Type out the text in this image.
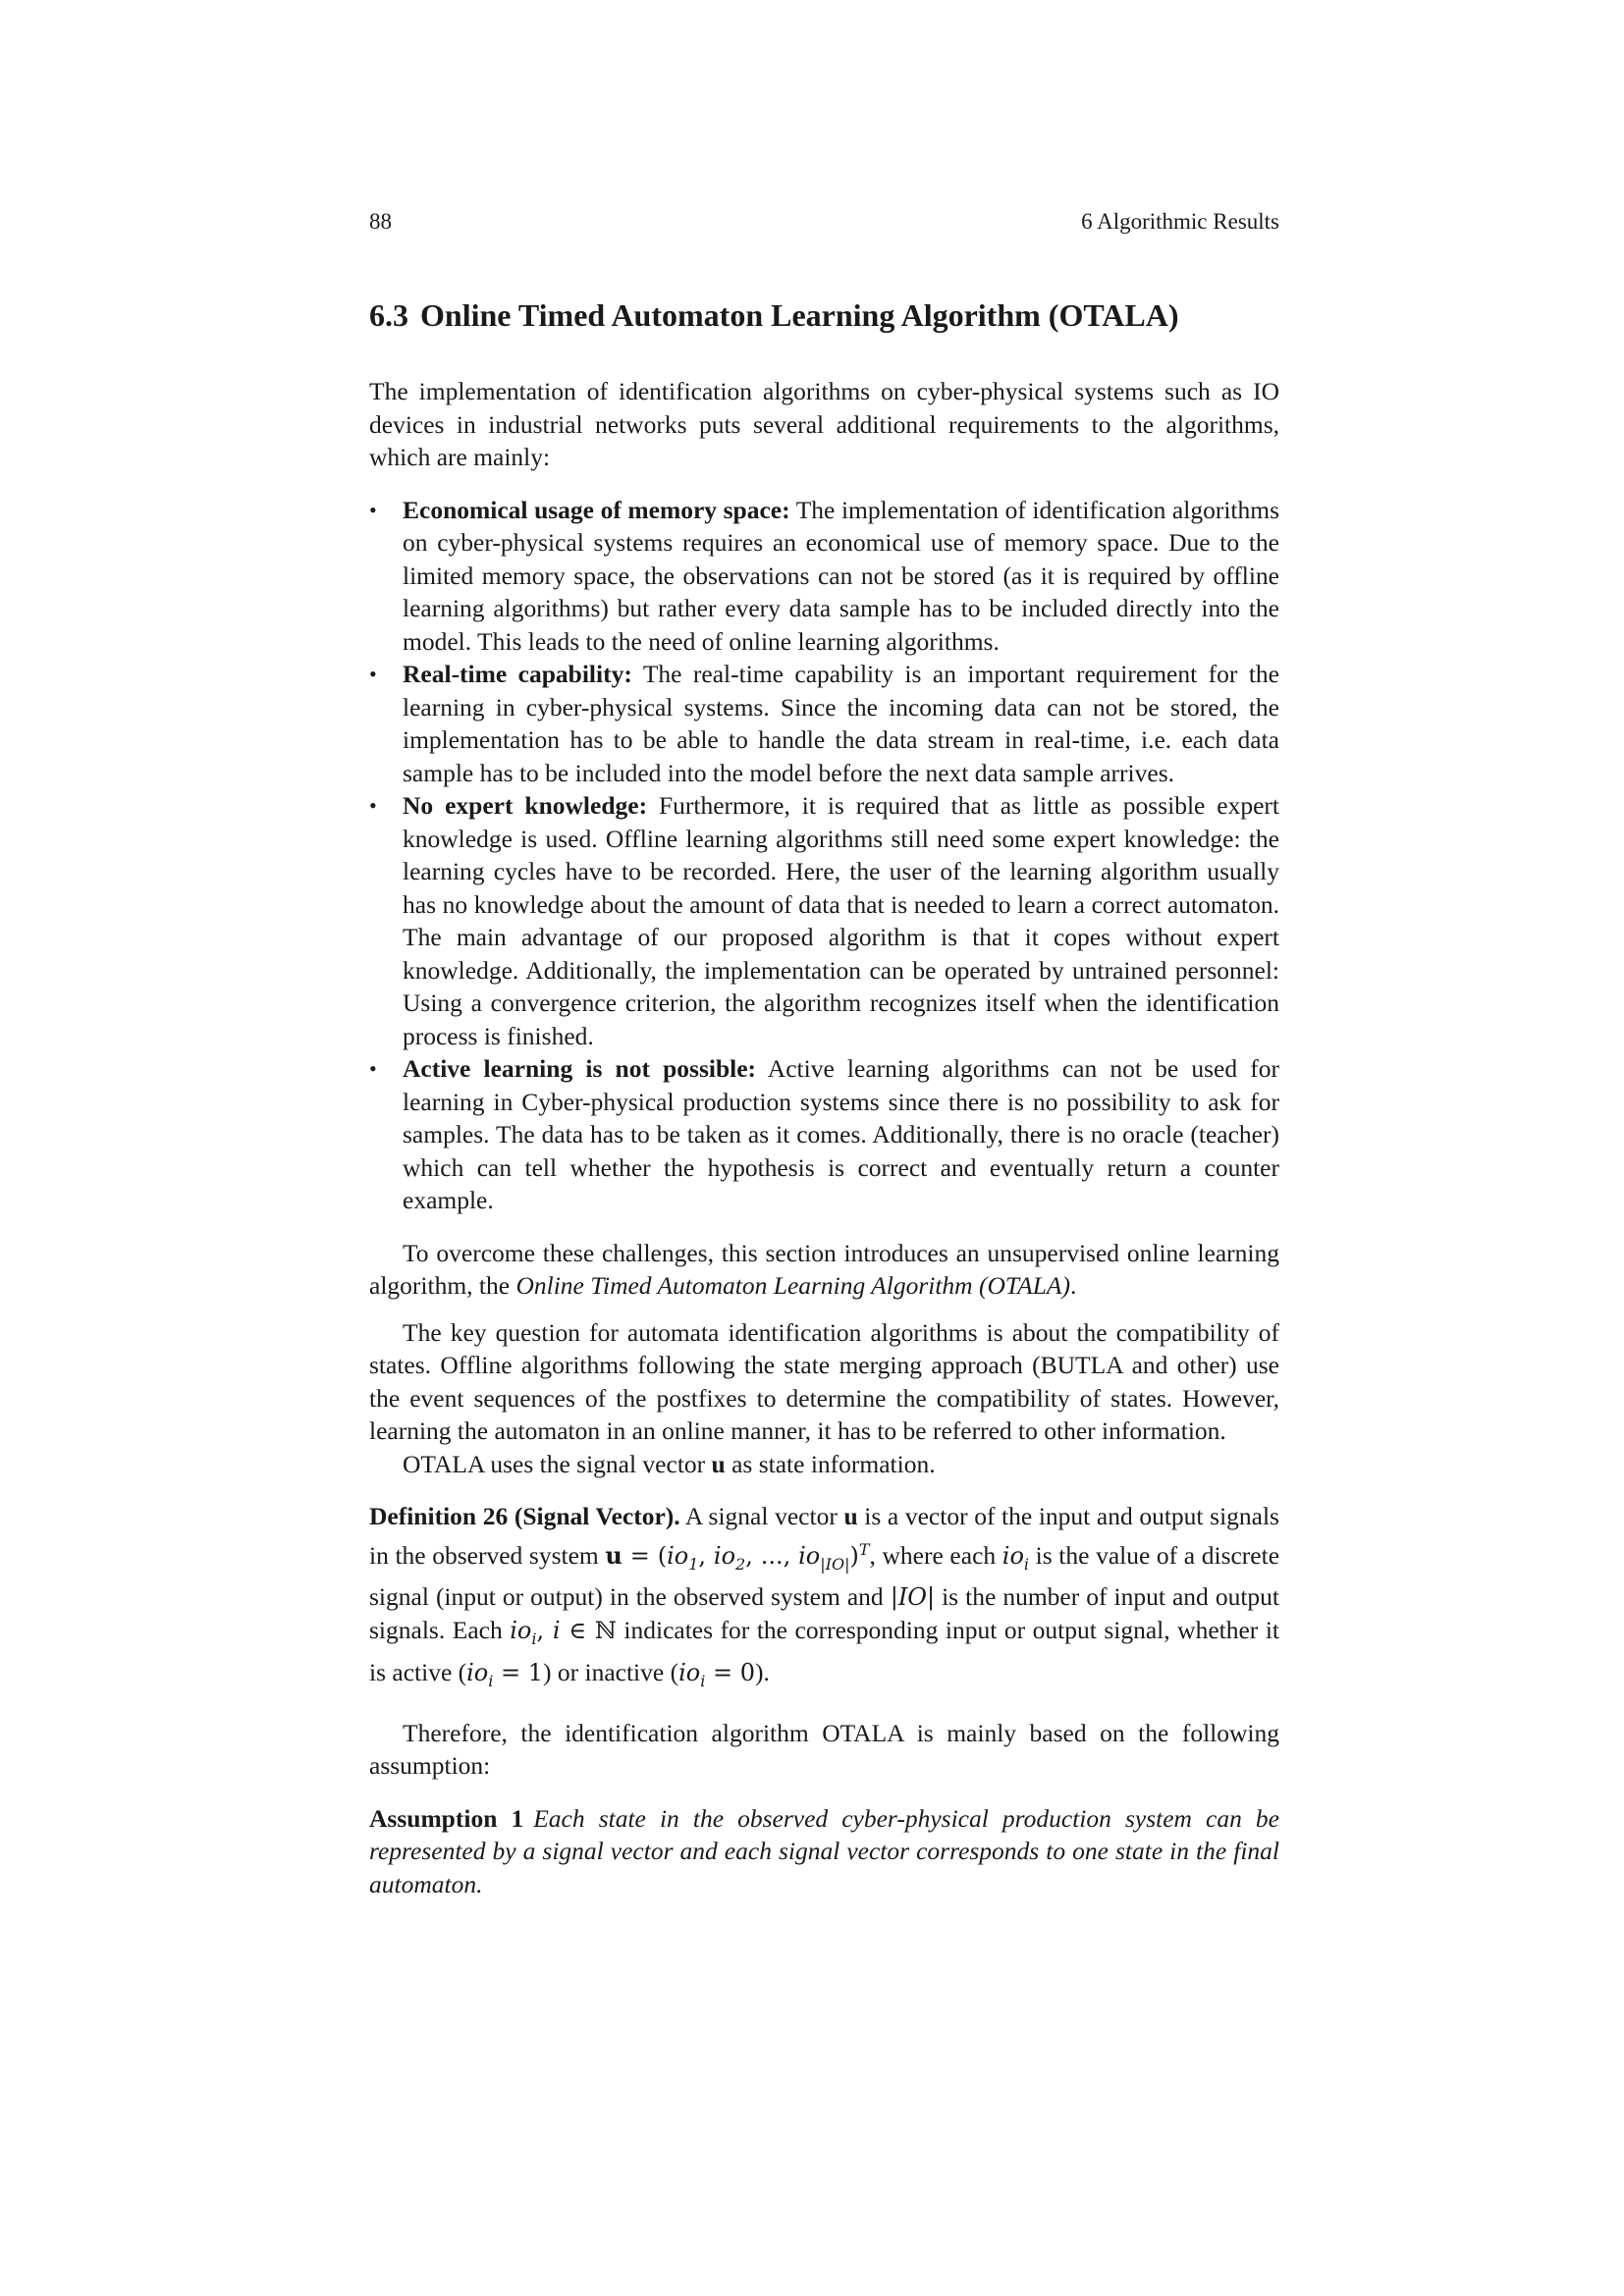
88	6 Algorithmic Results
6.3 Online Timed Automaton Learning Algorithm (OTALA)

The implementation of identification algorithms on cyber-physical systems such as IO devices in industrial networks puts several additional requirements to the algorithms, which are mainly:

• Economical usage of memory space: The implementation of identification algorithms on cyber-physical systems requires an economical use of memory space. Due to the limited memory space, the observations can not be stored (as it is required by offline learning algorithms) but rather every data sample has to be included directly into the model. This leads to the need of online learning algorithms.
• Real-time capability: The real-time capability is an important requirement for the learning in cyber-physical systems. Since the incoming data can not be stored, the implementation has to be able to handle the data stream in real-time, i.e. each data sample has to be included into the model before the next data sample arrives.
• No expert knowledge: Furthermore, it is required that as little as possible expert knowledge is used. Offline learning algorithms still need some expert knowledge: the learning cycles have to be recorded. Here, the user of the learning algorithm usually has no knowledge about the amount of data that is needed to learn a correct automaton. The main advantage of our proposed algorithm is that it copes without expert knowledge. Additionally, the implementation can be operated by untrained personnel: Using a convergence criterion, the algorithm recognizes itself when the identification process is finished.
• Active learning is not possible: Active learning algorithms can not be used for learning in Cyber-physical production systems since there is no possibility to ask for samples. The data has to be taken as it comes. Additionally, there is no oracle (teacher) which can tell whether the hypothesis is correct and eventually return a counter example.

To overcome these challenges, this section introduces an unsupervised online learning algorithm, the Online Timed Automaton Learning Algorithm (OTALA).

The key question for automata identification algorithms is about the compatibility of states. Offline algorithms following the state merging approach (BUTLA and other) use the event sequences of the postfixes to determine the compatibility of states. However, learning the automaton in an online manner, it has to be referred to other information.

OTALA uses the signal vector u as state information.

Definition 26 (Signal Vector). A signal vector u is a vector of the input and output signals in the observed system $u = (io_1$, $io_2$, ..., $io_{|IO|})^T$, where each $io_i$ is the value of a discrete signal (input or output) in the observed system and |IO| is the number of input and output signals. Each $io_i$, i ∈ ℕ indicates for the corresponding input or output signal, whether it is active $(io_i = 1)$ or inactive $(io_i = 0)$.

Therefore, the identification algorithm OTALA is mainly based on the following assumption:

Assumption 1 Each state in the observed cyber-physical production system can be represented by a signal vector and each signal vector corresponds to one state in the final automaton.
